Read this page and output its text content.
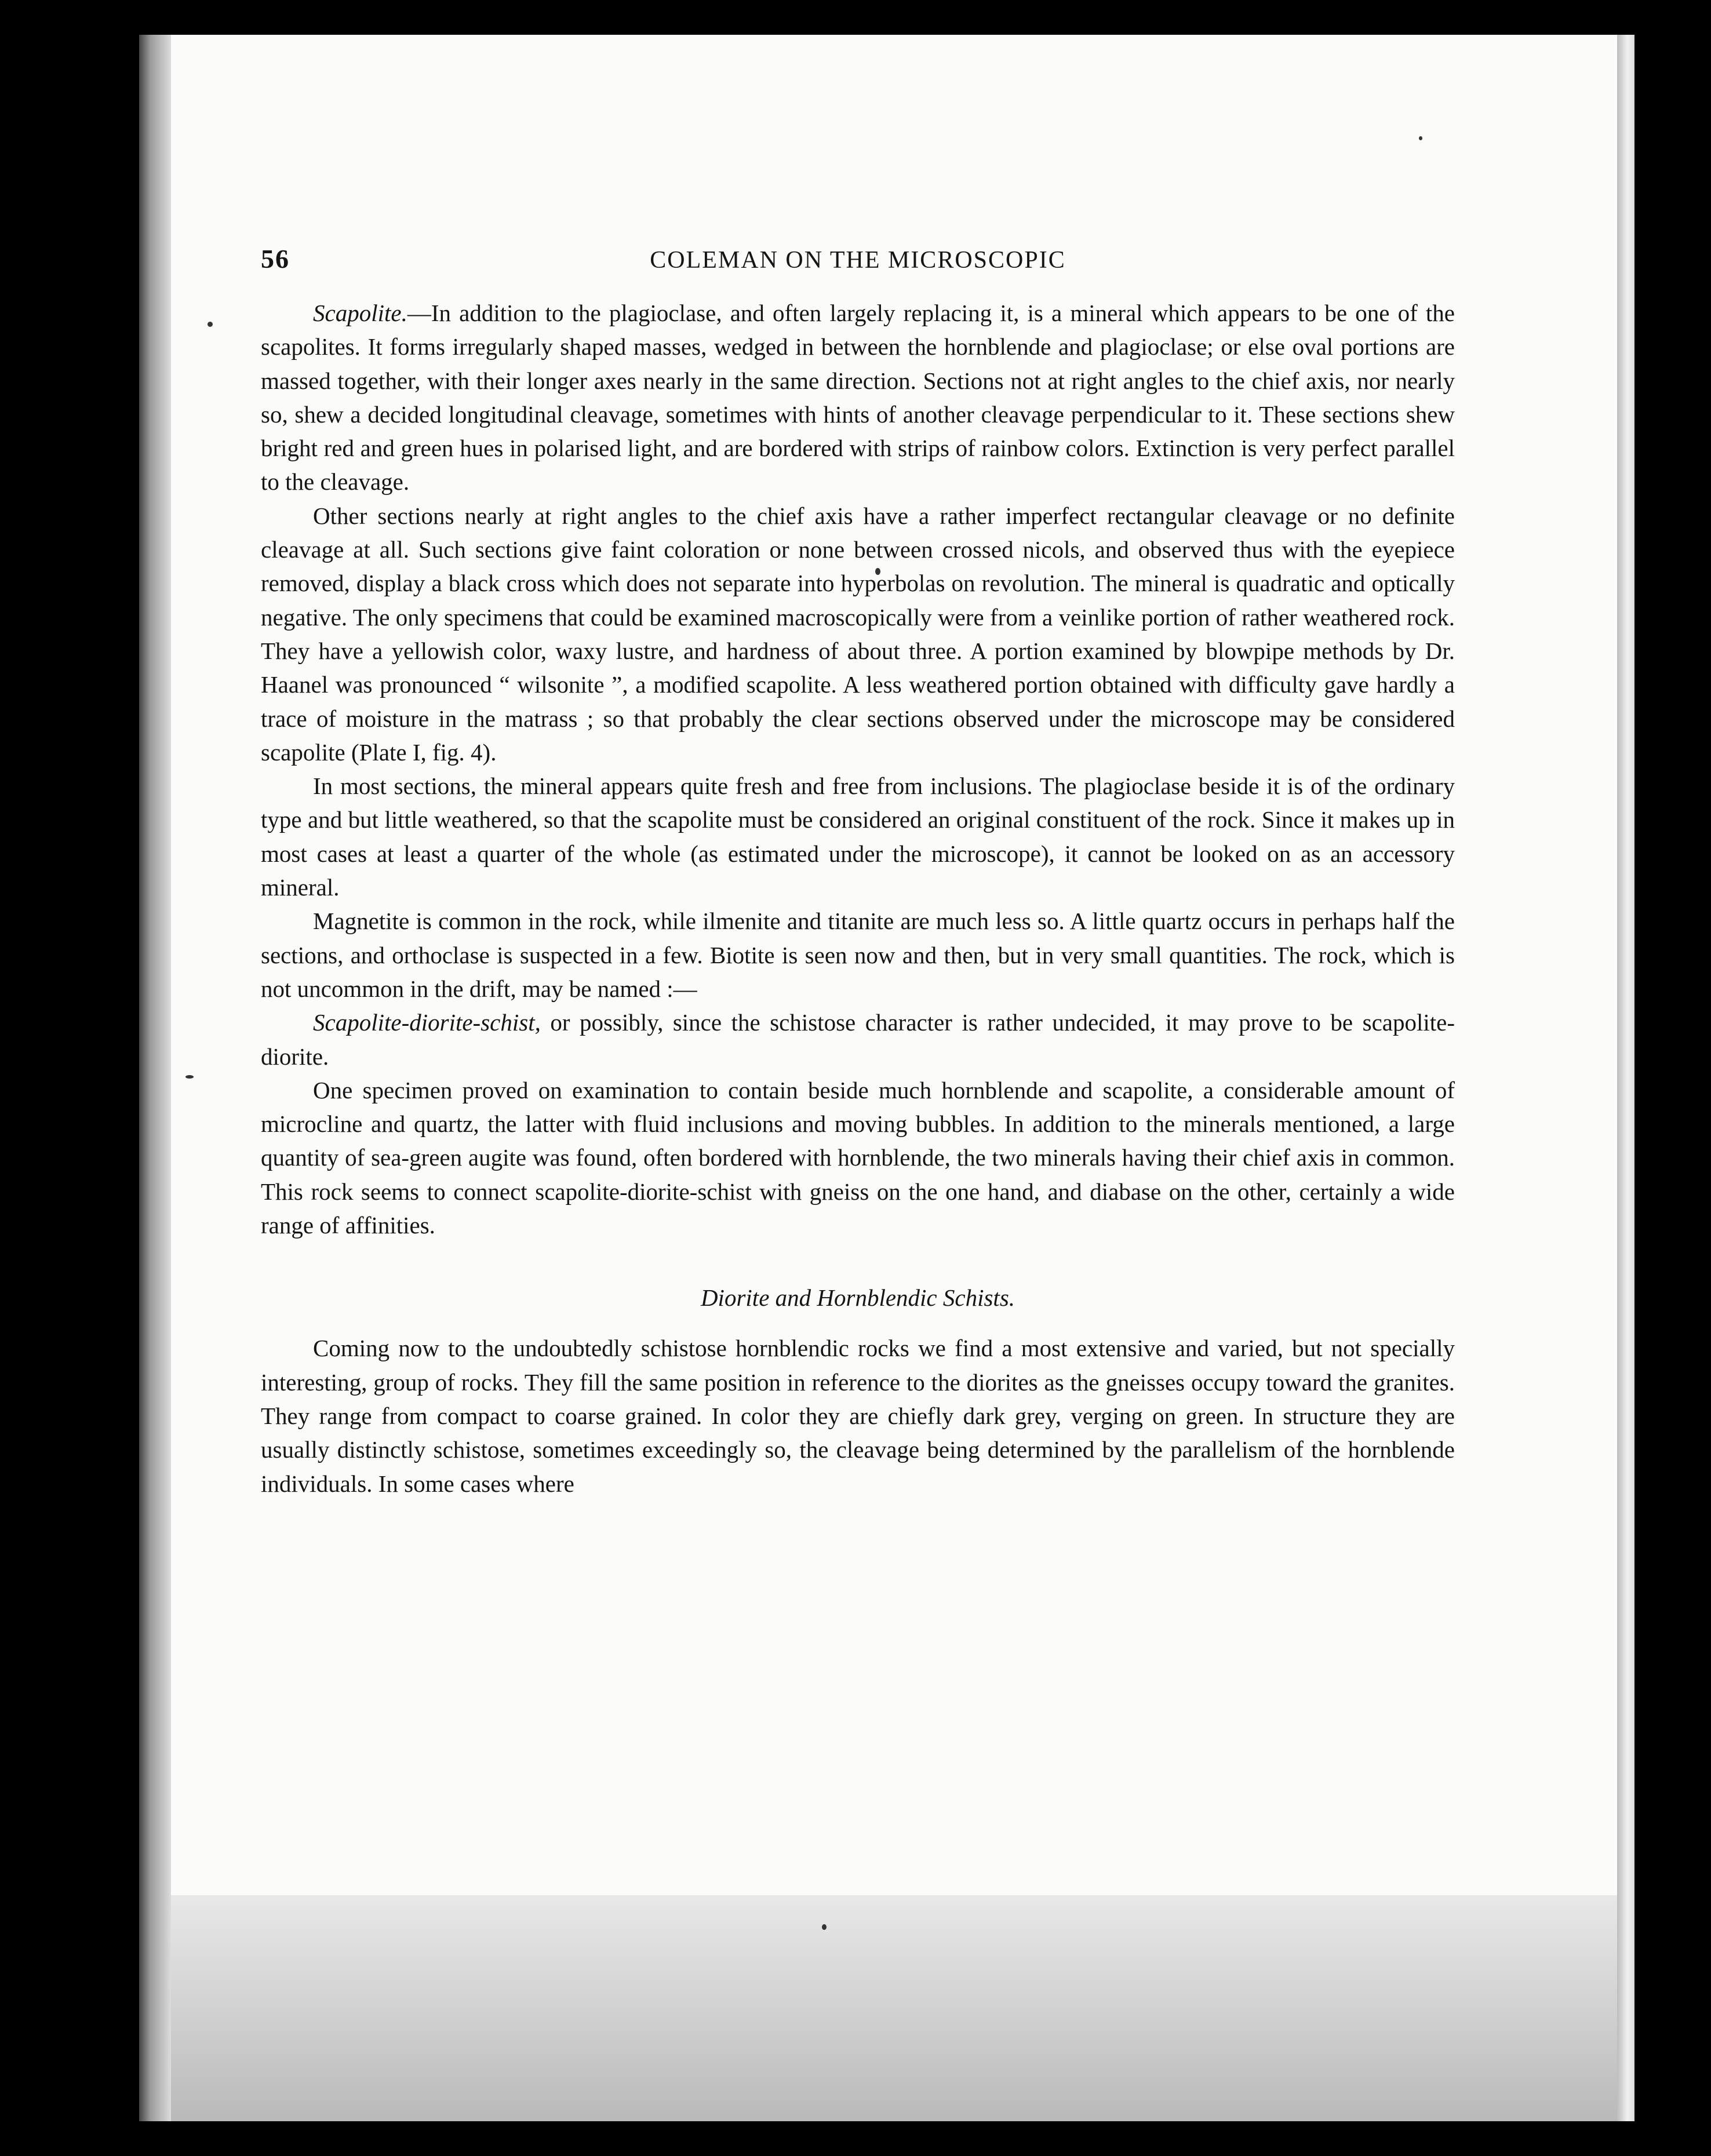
56	COLEMAN ON THE MICROSCOPIC

Scapolite.—In addition to the plagioclase, and often largely replacing it, is a mineral which appears to be one of the scapolites. It forms irregularly shaped masses, wedged in between the hornblende and plagioclase; or else oval portions are massed together, with their longer axes nearly in the same direction. Sections not at right angles to the chief axis, nor nearly so, shew a decided longitudinal cleavage, sometimes with hints of another cleavage perpendicular to it. These sections shew bright red and green hues in polarised light, and are bordered with strips of rainbow colors. Extinction is very perfect parallel to the cleavage.

Other sections nearly at right angles to the chief axis have a rather imperfect rectangular cleavage or no definite cleavage at all. Such sections give faint coloration or none between crossed nicols, and observed thus with the eyepiece removed, display a black cross which does not separate into hyperbolas on revolution. The mineral is quadratic and optically negative. The only specimens that could be examined macroscopically were from a veinlike portion of rather weathered rock. They have a yellowish color, waxy lustre, and hardness of about three. A portion examined by blowpipe methods by Dr. Haanel was pronounced “ wilsonite ”, a modified scapolite. A less weathered portion obtained with difficulty gave hardly a trace of moisture in the matrass ; so that probably the clear sections observed under the microscope may be considered scapolite (Plate I, fig. 4).

In most sections, the mineral appears quite fresh and free from inclusions. The plagioclase beside it is of the ordinary type and but little weathered, so that the scapolite must be considered an original constituent of the rock. Since it makes up in most cases at least a quarter of the whole (as estimated under the microscope), it cannot be looked on as an accessory mineral.

Magnetite is common in the rock, while ilmenite and titanite are much less so. A little quartz occurs in perhaps half the sections, and orthoclase is suspected in a few. Biotite is seen now and then, but in very small quantities. The rock, which is not uncommon in the drift, may be named :—

Scapolite-diorite-schist, or possibly, since the schistose character is rather undecided, it may prove to be scapolite-diorite.

One specimen proved on examination to contain beside much hornblende and scapolite, a considerable amount of microcline and quartz, the latter with fluid inclusions and moving bubbles. In addition to the minerals mentioned, a large quantity of sea-green augite was found, often bordered with hornblende, the two minerals having their chief axis in common. This rock seems to connect scapolite-diorite-schist with gneiss on the one hand, and diabase on the other, certainly a wide range of affinities.

Diorite and Hornblendic Schists.

Coming now to the undoubtedly schistose hornblendic rocks we find a most extensive and varied, but not specially interesting, group of rocks. They fill the same position in reference to the diorites as the gneisses occupy toward the granites. They range from compact to coarse grained. In color they are chiefly dark grey, verging on green. In structure they are usually distinctly schistose, sometimes exceedingly so, the cleavage being determined by the parallelism of the hornblende individuals. In some cases where
